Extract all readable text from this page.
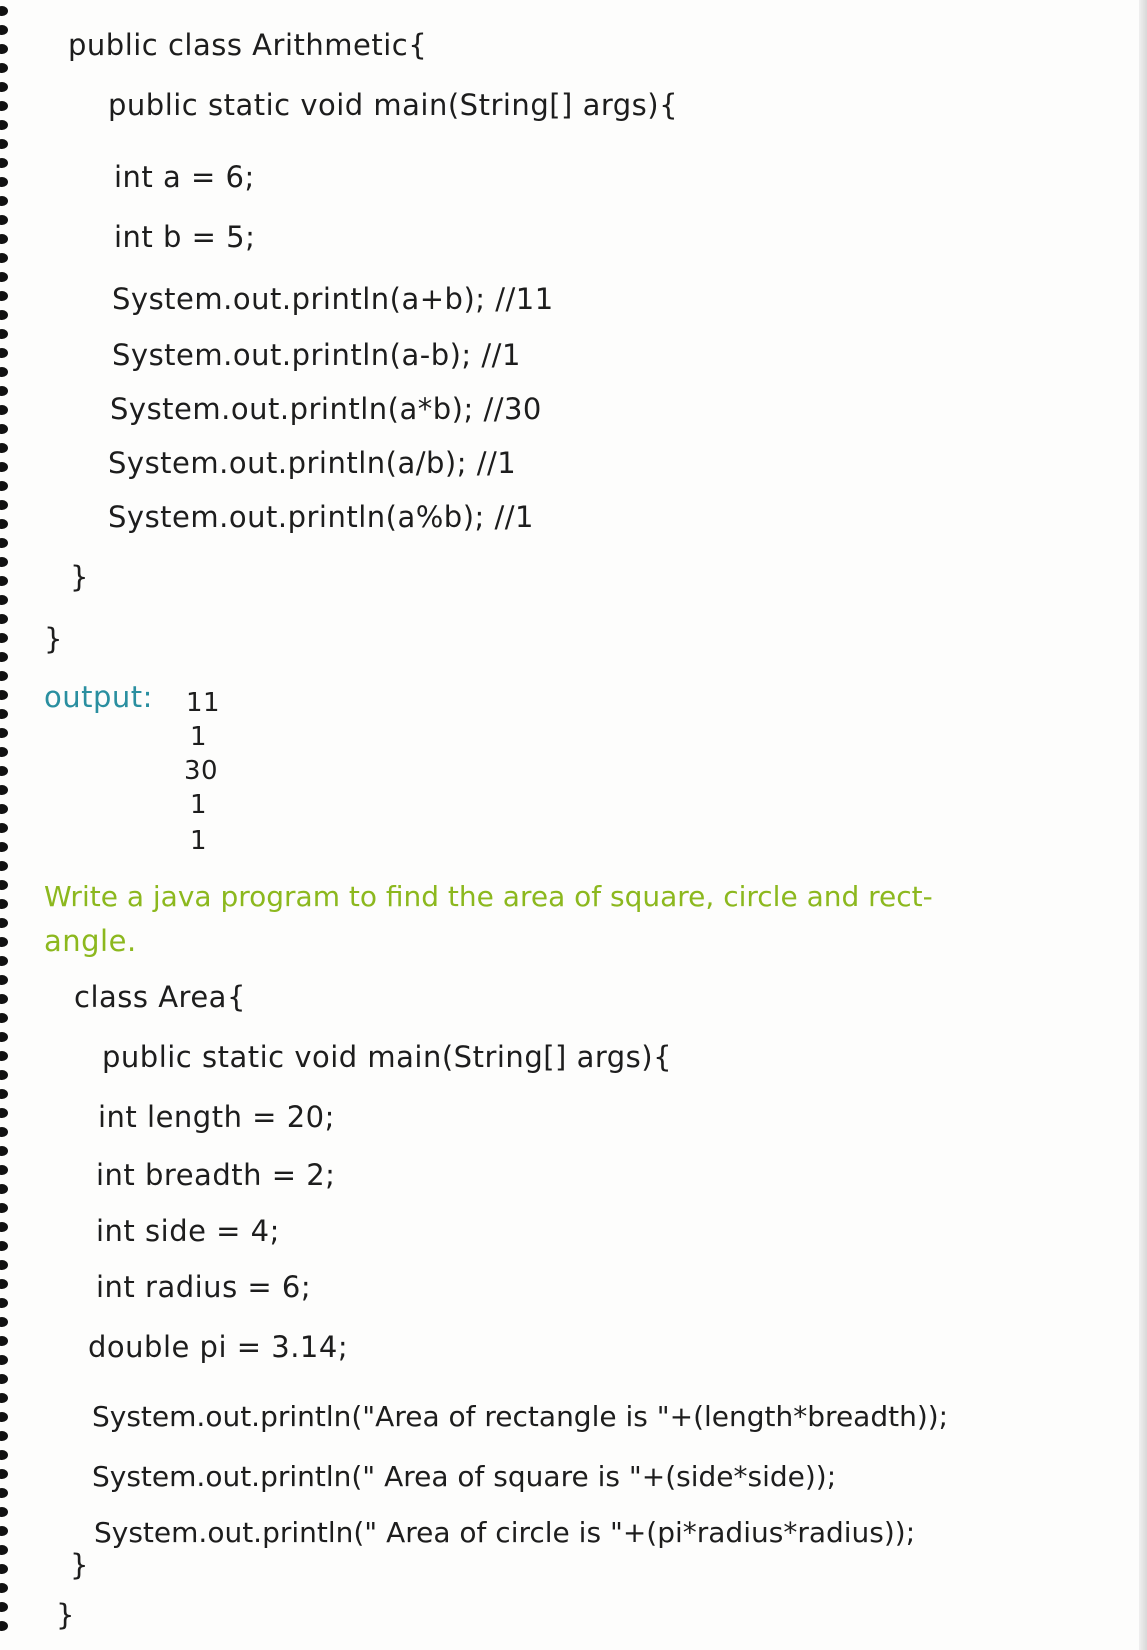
public class Arithmetic{
public static void main(String[] args){
int a = 6;
int b = 5;
System.out.println(a+b); //11
System.out.println(a-b); //1
System.out.println(a*b); //30
System.out.println(a/b); //1
System.out.println(a%b); //1
}
}
output: 11
1
30
1
1
Write a java program to find the area of square, circle and rect-
angle.
class Area{
public static void main(String[] args){
int length = 20;
int breadth = 2;
int side = 4;
int radius = 6;
double pi = 3.14;
System.out.println("Area of rectangle is "+(length*breadth));
System.out.println(" Area of square is "+(side*side));
System.out.println(" Area of circle is "+(pi*radius*radius));
}
}
